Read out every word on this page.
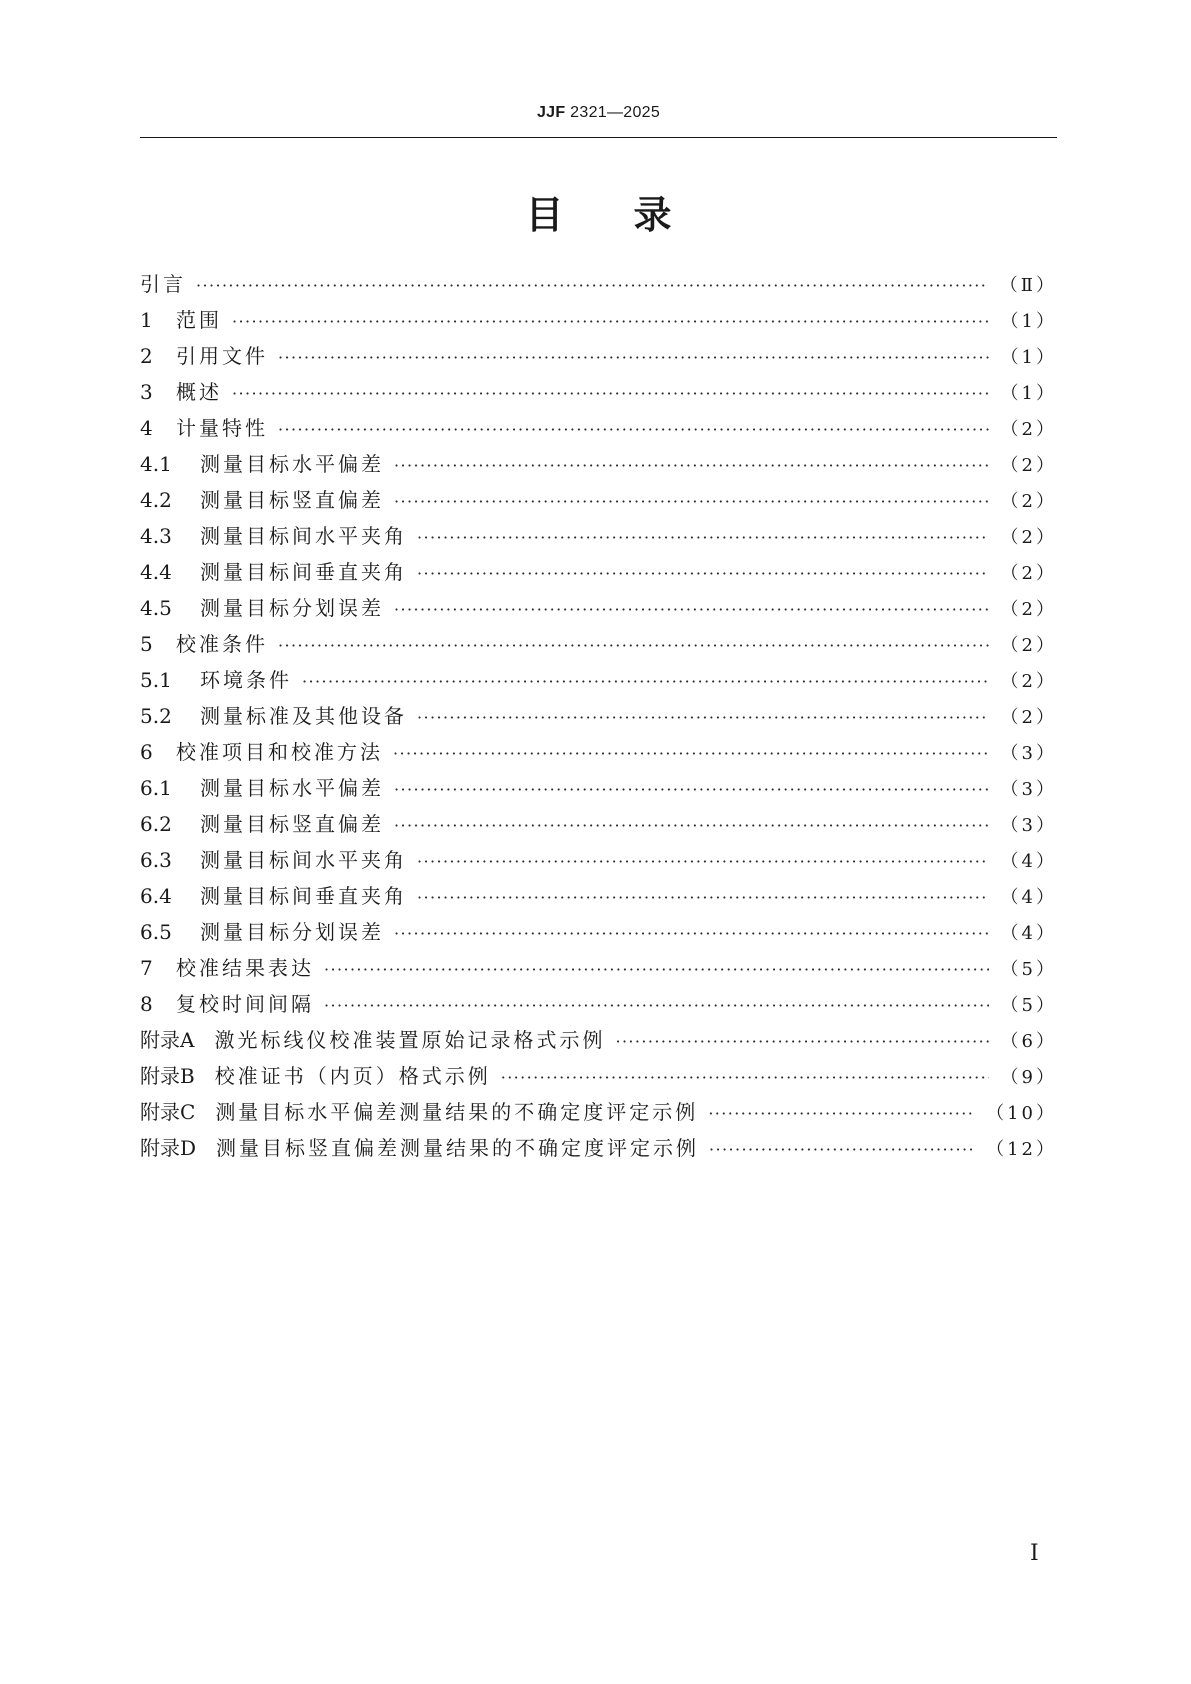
JJF 2321—2025
目录
引言 ·····	（Ⅱ）
1	范围 ·····	（1）
2	引用文件 ·····	（1）
3	概述 ·····	（1）
4	计量特性 ·····	（2）
4.1	测量目标水平偏差 ·····	（2）
4.2	测量目标竖直偏差 ·····	（2）
4.3	测量目标间水平夹角 ·····	（2）
4.4	测量目标间垂直夹角 ·····	（2）
4.5	测量目标分划误差 ·····	（2）
5	校准条件 ·····	（2）
5.1	环境条件 ·····	（2）
5.2	测量标准及其他设备 ·····	（2）
6	校准项目和校准方法 ·····	（3）
6.1	测量目标水平偏差 ·····	（3）
6.2	测量目标竖直偏差 ·····	（3）
6.3	测量目标间水平夹角 ·····	（4）
6.4	测量目标间垂直夹角 ·····	（4）
6.5	测量目标分划误差 ·····	（4）
7	校准结果表达 ·····	（5）
8	复校时间间隔 ·····	（5）
附录A 激光标线仪校准装置原始记录格式示例 ·····	（6）
附录B 校准证书（内页）格式示例 ·····	（9）
附录C 测量目标水平偏差测量结果的不确定度评定示例 ·····	（10）
附录D 测量目标竖直偏差测量结果的不确定度评定示例 ·····	（12）
Ⅰ
